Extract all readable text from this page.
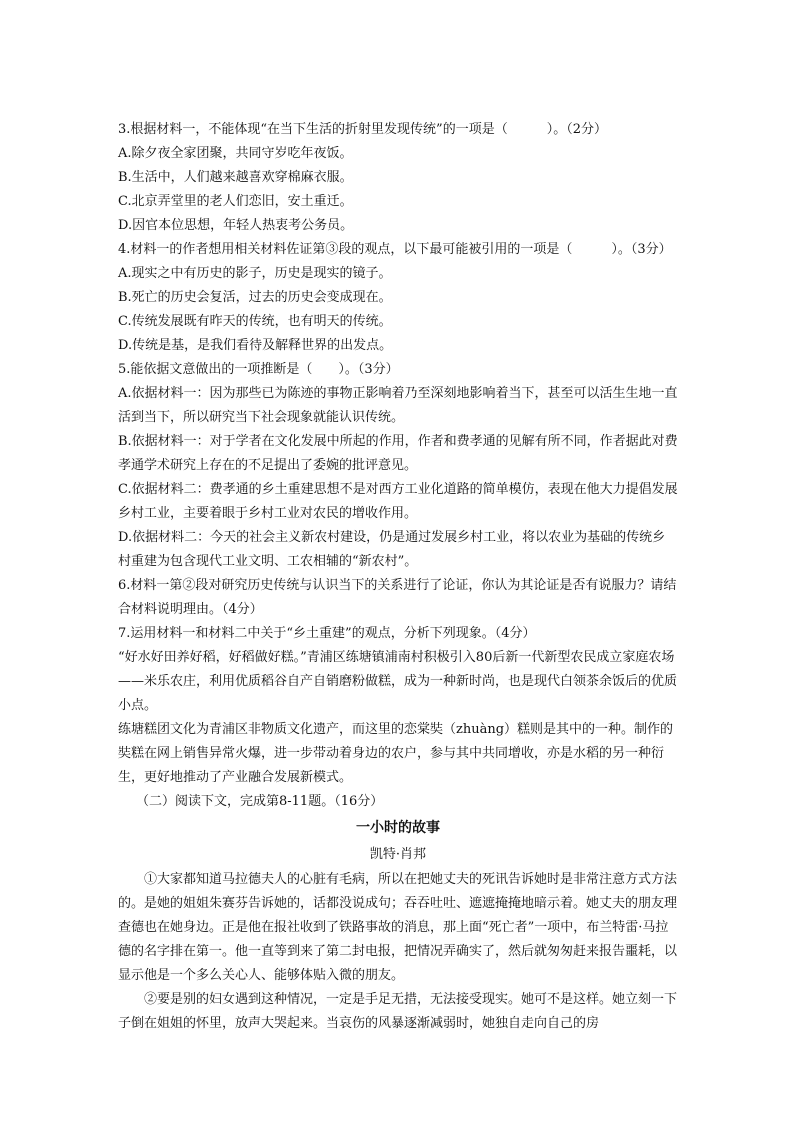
3.根据材料一，不能体现“在当下生活的折射里发现传统”的一项是（　　　）。（2分）

A.除夕夜全家团聚，共同守岁吃年夜饭。

B.生活中，人们越来越喜欢穿棉麻衣服。

C.北京弄堂里的老人们恋旧，安土重迁。

D.因官本位思想，年轻人热衷考公务员。

4.材料一的作者想用相关材料佐证第③段的观点，以下最可能被引用的一项是（　　　）。（3分）

A.现实之中有历史的影子，历史是现实的镜子。

B.死亡的历史会复活，过去的历史会变成现在。

C.传统发展既有昨天的传统，也有明天的传统。

D.传统是基，是我们看待及解释世界的出发点。

5.能依据文意做出的一项推断是（　　）。（3分）

A.依据材料一：因为那些已为陈迹的事物正影响着乃至深刻地影响着当下，甚至可以活生生地一直活到当下，所以研究当下社会现象就能认识传统。

B.依据材料一：对于学者在文化发展中所起的作用，作者和费孝通的见解有所不同，作者据此对费孝通学术研究上存在的不足提出了委婉的批评意见。

C.依据材料二：费孝通的乡土重建思想不是对西方工业化道路的简单模仿，表现在他大力提倡发展乡村工业，主要着眼于乡村工业对农民的增收作用。

D.依据材料二：今天的社会主义新农村建设，仍是通过发展乡村工业，将以农业为基础的传统乡村重建为包含现代工业文明、工农相辅的“新农村”。

6.材料一第②段对研究历史传统与认识当下的关系进行了论证，你认为其论证是否有说服力？请结合材料说明理由。（4分）

7.运用材料一和材料二中关于“乡土重建”的观点，分析下列现象。（4分）

“好水好田养好稻，好稻做好糕。”青浦区练塘镇浦南村积极引入80后新一代新型农民成立家庭农场——米乐农庄，利用优质稻谷自产自销磨粉做糕，成为一种新时尚，也是现代白领茶余饭后的优质小点。

练塘糕团文化为青浦区非物质文化遗产，而这里的恋棠奘（zhuàng）糕则是其中的一种。制作的奘糕在网上销售异常火爆，进一步带动着身边的农户，参与其中共同增收，亦是水稻的另一种衍生，更好地推动了产业融合发展新模式。

（二）阅读下文，完成第8-11题。（16分）

一小时的故事

凯特·肖邦

①大家都知道马拉德夫人的心脏有毛病，所以在把她丈夫的死讯告诉她时是非常注意方式方法的。是她的姐姐朱赛芬告诉她的，话都没说成句；吞吞吐吐、遮遮掩掩地暗示着。她丈夫的朋友理查德也在她身边。正是他在报社收到了铁路事故的消息，那上面“死亡者”一项中，布兰特雷·马拉德的名字排在第一。他一直等到来了第二封电报，把情况弄确实了，然后就匆匆赶来报告噩耗，以显示他是一个多么关心人、能够体贴入微的朋友。

②要是别的妇女遇到这种情况，一定是手足无措，无法接受现实。她可不是这样。她立刻一下子倒在姐姐的怀里，放声大哭起来。当哀伤的风暴逐渐减弱时，她独自走向自己的房
